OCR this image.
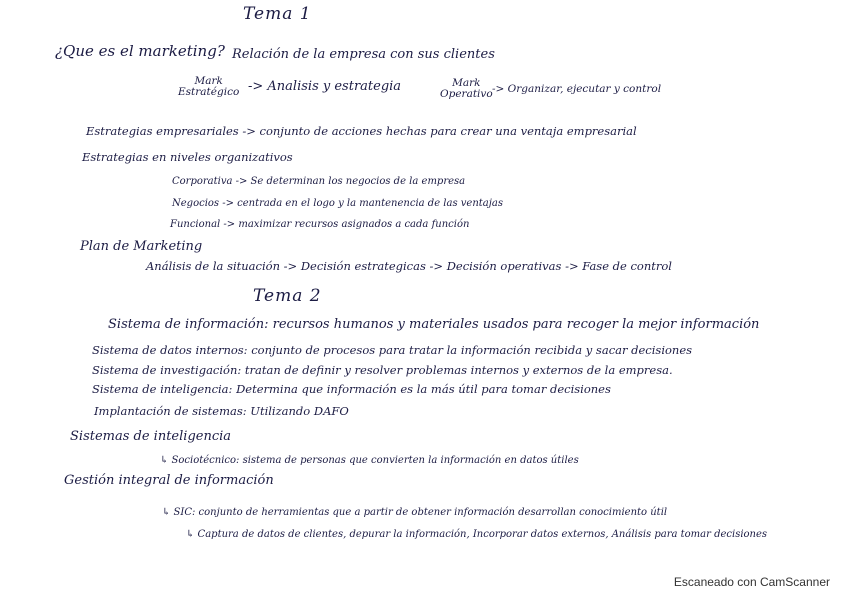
Tema 1
¿Que es el marketing? Relación de la empresa con sus clientes
Mark
Estratégico -> Analisis y estrategia	Mark
Operativo -> Organizar, ejecutar y control
Estrategias empresariales -> conjunto de acciones hechas para crear una ventaja empresarial
Estrategias en niveles organizativos
Corporativa -> Se determinan los negocios de la empresa
Negocios -> centrada en el logo y la mantenencia de las ventajas
Funcional -> maximizar recursos asignados a cada función
Plan de Marketing
Análisis de la situación -> Decisión estrategicas -> Decisión operativas -> Fase de control
Tema 2
Sistema de información: recursos humanos y materiales usados para recoger la mejor información
Sistema de datos internos: conjunto de procesos para tratar la información recibida y sacar decisiones
Sistema de investigación: tratan de definir y resolver problemas internos y externos de la empresa.
Sistema de inteligencia: Determina que información es la más útil para tomar decisiones
Implantación de sistemas: Utilizando DAFO
Sistemas de inteligencia
↳ Sociotécnico: sistema de personas que convierten la información en datos útiles
Gestión integral de información
↳ SIC: conjunto de herramientas que a partir de obtener información desarrollan conocimiento útil
↳ Captura de datos de clientes, depurar la información, Incorporar datos externos, Análisis para tomar decisiones
Escaneado con CamScanner
